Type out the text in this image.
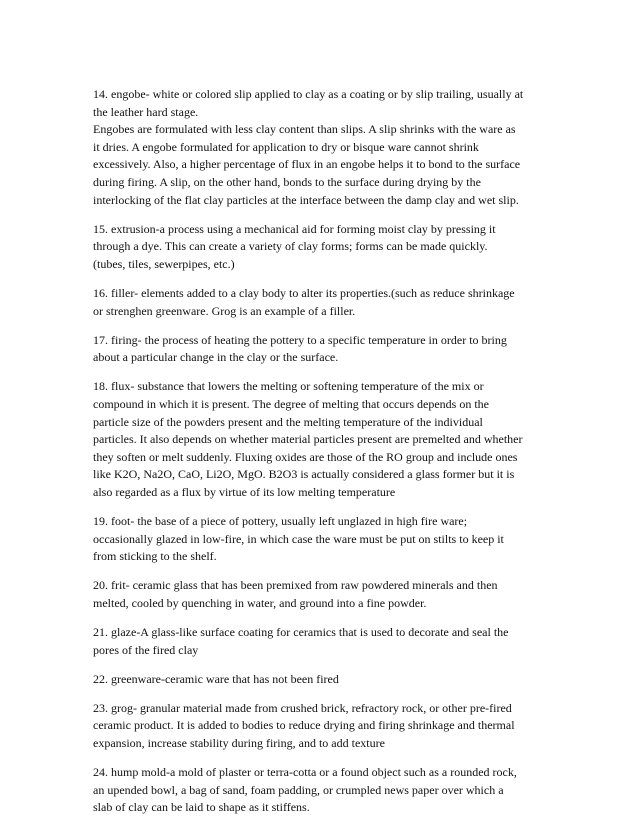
14. engobe- white or colored slip applied to clay as a coating or by slip trailing, usually at
the leather hard stage.
Engobes are formulated with less clay content than slips. A slip shrinks with the ware as
it dries. A engobe formulated for application to dry or bisque ware cannot shrink
excessively. Also, a higher percentage of flux in an engobe helps it to bond to the surface
during firing. A slip, on the other hand, bonds to the surface during drying by the
interlocking of the flat clay particles at the interface between the damp clay and wet slip.
15. extrusion-a process using a mechanical aid for forming moist clay by pressing it
through a dye. This can create a variety of clay forms; forms can be made quickly.
(tubes, tiles, sewerpipes, etc.)
16. filler- elements added to a clay body to alter its properties.(such as reduce shrinkage
or strenghen greenware. Grog is an example of a filler.
17. firing- the process of heating the pottery to a specific temperature in order to bring
about a particular change in the clay or the surface.
18. flux- substance that lowers the melting or softening temperature of the mix or
compound in which it is present. The degree of melting that occurs depends on the
particle size of the powders present and the melting temperature of the individual
particles. It also depends on whether material particles present are premelted and whether
they soften or melt suddenly. Fluxing oxides are those of the RO group and include ones
like K2O, Na2O, CaO, Li2O, MgO. B2O3 is actually considered a glass former but it is
also regarded as a flux by virtue of its low melting temperature
19. foot- the base of a piece of pottery, usually left unglazed in high fire ware;
occasionally glazed in low-fire, in which case the ware must be put on stilts to keep it
from sticking to the shelf.
20. frit- ceramic glass that has been premixed from raw powdered minerals and then
melted, cooled by quenching in water, and ground into a fine powder.
21. glaze-A glass-like surface coating for ceramics that is used to decorate and seal the
pores of the fired clay
22. greenware-ceramic ware that has not been fired
23. grog- granular material made from crushed brick, refractory rock, or other pre-fired
ceramic product. It is added to bodies to reduce drying and firing shrinkage and thermal
expansion, increase stability during firing, and to add texture
24. hump mold-a mold of plaster or terra-cotta or a found object such as a rounded rock,
an upended bowl, a bag of sand, foam padding, or crumpled news paper over which a
slab of clay can be laid to shape as it stiffens.
